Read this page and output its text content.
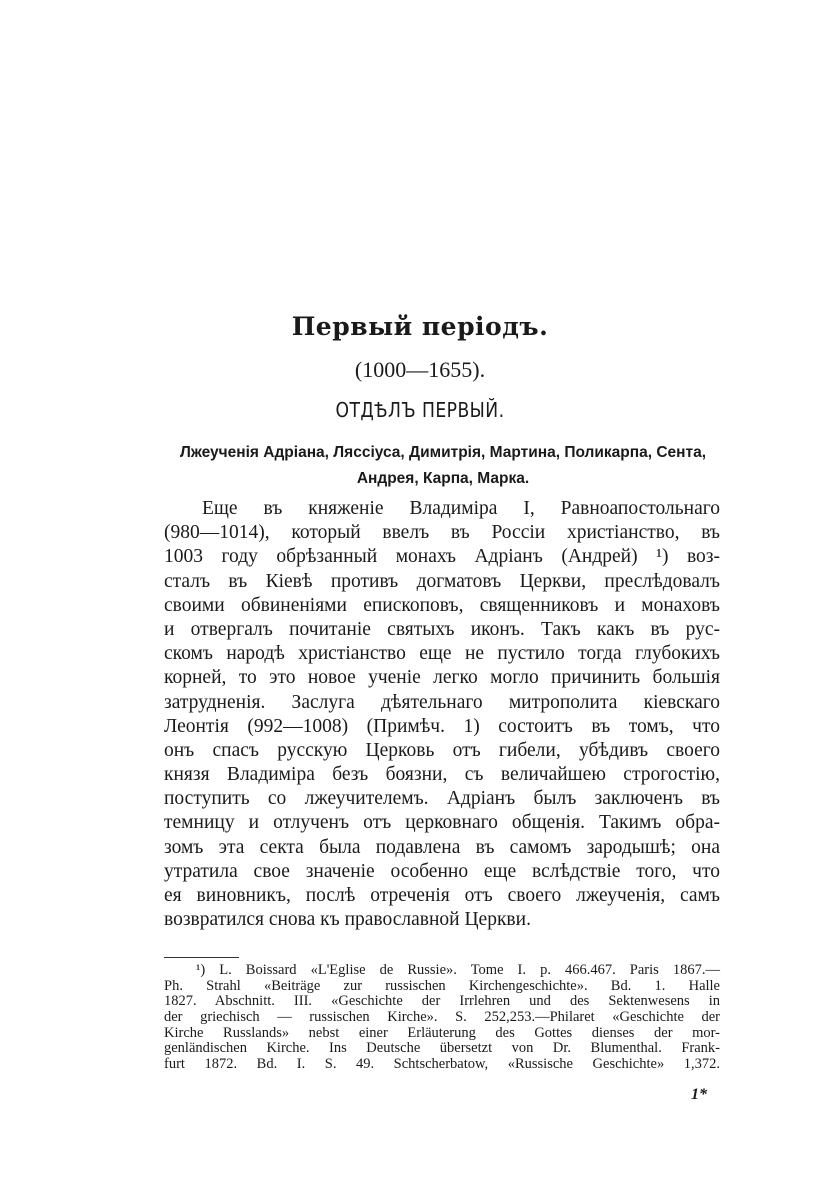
Первый періодъ.
(1000—1655).
ОТДѢЛЪ ПЕРВЫЙ.
Лжеученія Адріана, Ляссіуса, Димитрія, Мартина, Поликарпа, Сента, Андрея, Карпа, Марка.
Еще въ княженіе Владиміра I, Равноапостольнаго
(980—1014), который ввелъ въ Россіи христіанство, въ
1003 году обрѣзанный монахъ Адріанъ (Андрей) ¹) воз-
сталъ въ Кіевѣ противъ догматовъ Церкви, преслѣдовалъ
своими обвиненіями епископовъ, священниковъ и монаховъ
и отвергалъ почитаніе святыхъ иконъ. Такъ какъ въ рус-
скомъ народѣ христіанство еще не пустило тогда глубокихъ
корней, то это новое ученіе легко могло причинить большія
затрудненія. Заслуга дѣятельнаго митрополита кіевскаго
Леонтія (992—1008) (Примѣч. 1) состоитъ въ томъ, что
онъ спасъ русскую Церковь отъ гибели, убѣдивъ своего
князя Владиміра безъ боязни, съ величайшею строгостію,
поступить со лжеучителемъ. Адріанъ былъ заключенъ въ
темницу и отлученъ отъ церковнаго общенія. Такимъ обра-
зомъ эта секта была подавлена въ самомъ зародышѣ; она
утратила свое значеніе особенно еще вслѣдствіе того, что
ея виновникъ, послѣ отреченія отъ своего лжеученія, самъ
возвратился снова къ православной Церкви.
¹) L. Boissard «L'Eglise de Russie». Tome I. p. 466.467. Paris 1867.—
Ph. Strahl «Beiträge zur russischen Kirchengeschichte». Bd. 1. Halle
1827. Abschnitt. III. «Geschichte der Irrlehren und des Sektenwesens in
der griechisch — russischen Kirche». S. 252,253.—Philaret «Geschichte der
Kirche Russlands» nebst einer Erläuterung des Gottes dienses der mor-
genländischen Kirche. Ins Deutsche übersetzt von Dr. Blumenthal. Frank-
furt 1872. Bd. I. S. 49. Schtscherbatow, «Russische Geschichte» 1,372.
1*
